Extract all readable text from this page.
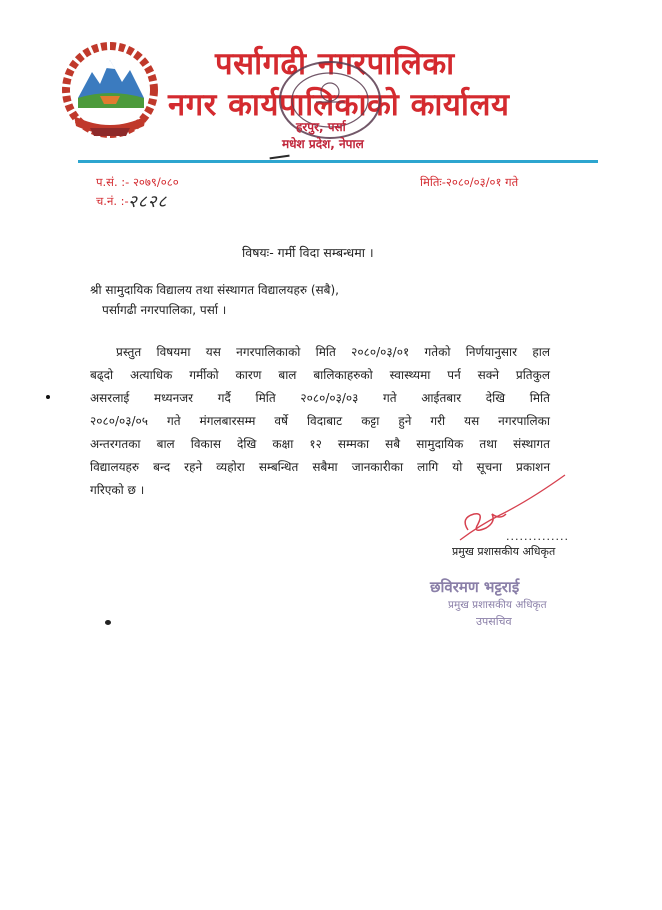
पर्सागढी नगरपालिका
नगर कार्यपालिकाको कार्यालय
हरपुर, पर्सा
मधेश प्रदेश, नेपाल
प.सं. :- २०७९/०८०	मितिः-२०८०/०३/०१ गते
च.नं. :- २८२८
विषयः- गर्मी विदा सम्बन्धमा ।
श्री सामुदायिक विद्यालय तथा संस्थागत विद्यालयहरु (सबै),
पर्सागढी नगरपालिका, पर्सा ।
प्रस्तुत विषयमा यस नगरपालिकाको मिति २०८०/०३/०१ गतेको निर्णयानुसार हाल
बढ्दो अत्याधिक गर्मीको कारण बाल बालिकाहरुको स्वास्थ्यमा पर्न सक्ने प्रतिकुल
असरलाई मध्यनजर गर्दै मिति २०८०/०३/०३ गते आईतबार देखि मिति
२०८०/०३/०५ गते मंगलबारसम्म वर्षे विदाबाट कट्टा हुने गरी यस नगरपालिका
अन्तरगतका बाल विकास देखि कक्षा १२ सम्मका सबै सामुदायिक तथा संस्थागत
विद्यालयहरु बन्द रहने व्यहोरा सम्बन्धित सबैमा जानकारीका लागि यो सूचना प्रकाशन
गरिएको छ ।
..............
प्रमुख प्रशासकीय अधिकृत
छविरमण भट्टराई
प्रमुख प्रशासकीय अधिकृत
उपसचिव
